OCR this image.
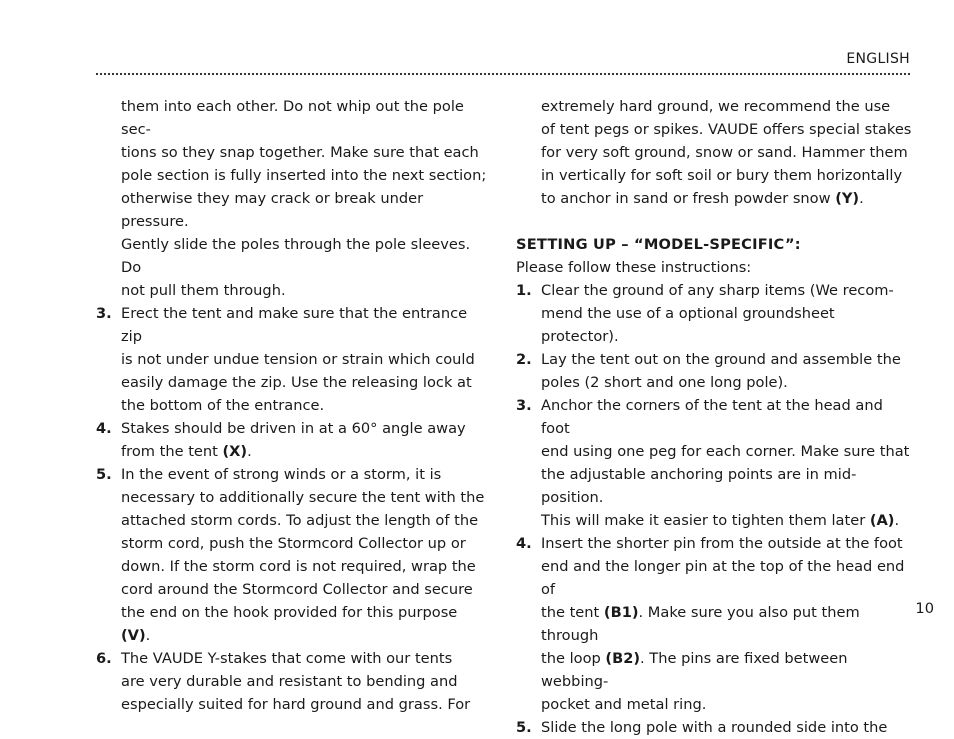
ENGLISH
them into each other. Do not whip out the pole sec-
tions so they snap together. Make sure that each
pole section is fully inserted into the next section;
otherwise they may crack or break under pressure.
Gently slide the poles through the pole sleeves. Do
not pull them through.
3. Erect the tent and make sure that the entrance zip
is not under undue tension or strain which could
easily damage the zip. Use the releasing lock at
the bottom of the entrance.
4. Stakes should be driven in at a 60° angle away
from the tent (X).
5. In the event of strong winds or a storm, it is
necessary to additionally secure the tent with the
attached storm cords. To adjust the length of the
storm cord, push the Stormcord Collector up or
down. If the storm cord is not required, wrap the
cord around the Stormcord Collector and secure
the end on the hook provided for this purpose (V).
6. The VAUDE Y-stakes that come with our tents
are very durable and resistant to bending and
especially suited for hard ground and grass. For
extremely hard ground, we recommend the use
of tent pegs or spikes. VAUDE offers special stakes
for very soft ground, snow or sand. Hammer them
in vertically for soft soil or bury them horizontally
to anchor in sand or fresh powder snow (Y).
SETTING UP – “MODEL-SPECIFIC”:
Please follow these instructions:
1. Clear the ground of any sharp items (We recom-
mend the use of a optional groundsheet protector).
2. Lay the tent out on the ground and assemble the
poles (2 short and one long pole).
3. Anchor the corners of the tent at the head and foot
end using one peg for each corner. Make sure that
the adjustable anchoring points are in mid-position.
This will make it easier to tighten them later (A).
4. Insert the shorter pin from the outside at the foot
end and the longer pin at the top of the head end of
the tent (B1). Make sure you also put them through
the loop (B2). The pins are fixed between webbing-
pocket and metal ring.
5. Slide the long pole with a rounded side into the
10
